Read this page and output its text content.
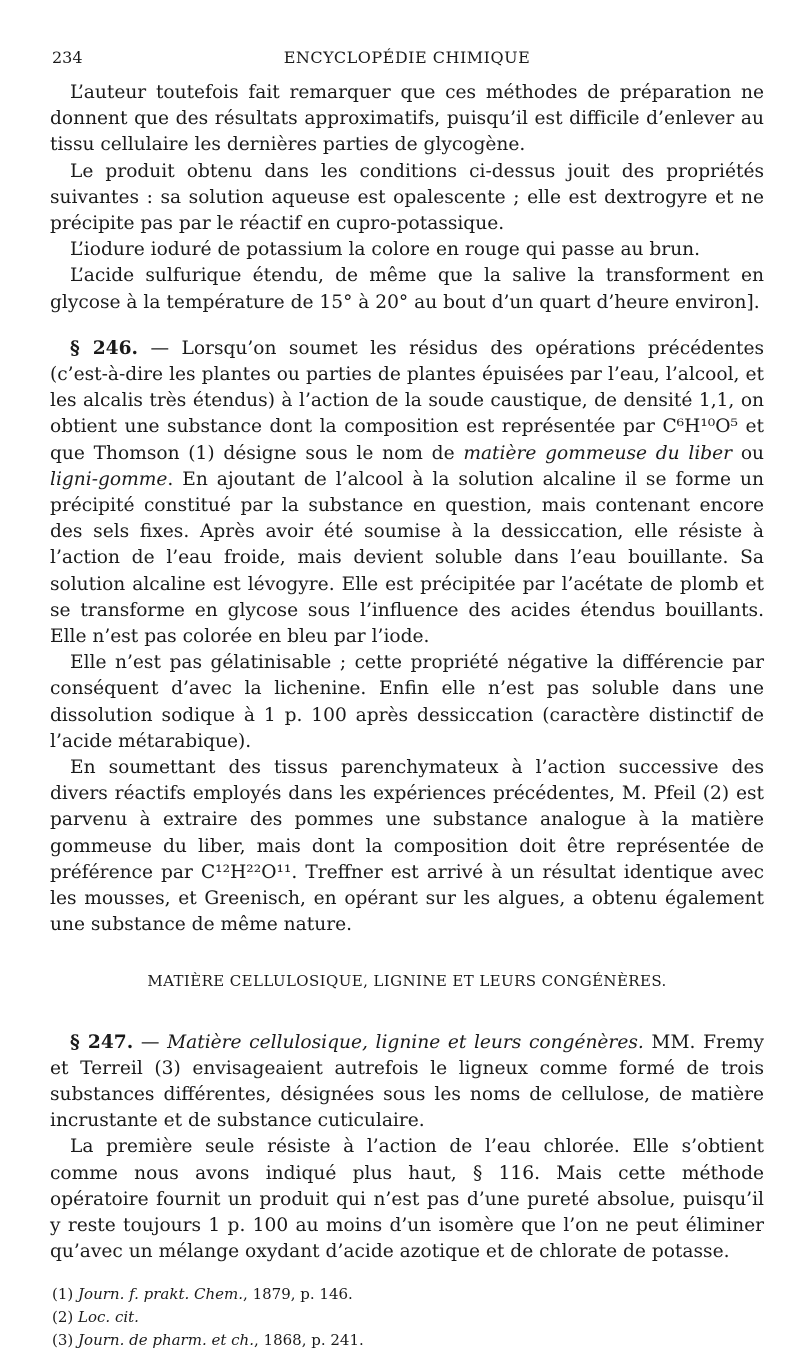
234	ENCYCLOPÉDIE CHIMIQUE

L’auteur toutefois fait remarquer que ces méthodes de préparation ne donnent que des résultats approximatifs, puisqu’il est difficile d’enlever au tissu cellulaire les dernières parties de glycogène.

Le produit obtenu dans les conditions ci-dessus jouit des propriétés suivantes : sa solution aqueuse est opalescente ; elle est dextrogyre et ne précipite pas par le réactif en cupro-potassique.

L’iodure ioduré de potassium la colore en rouge qui passe au brun.

L’acide sulfurique étendu, de même que la salive la transforment en glycose à la température de 15° à 20° au bout d’un quart d’heure environ].

§ 246. — Lorsqu’on soumet les résidus des opérations précédentes (c’est-à-dire les plantes ou parties de plantes épuisées par l’eau, l’alcool, et les alcalis très étendus) à l’action de la soude caustique, de densité 1,1, on obtient une substance dont la composition est représentée par C⁶H¹⁰O⁵ et que Thomson (1) désigne sous le nom de matière gommeuse du liber ou ligni-gomme. En ajoutant de l’alcool à la solution alcaline il se forme un précipité constitué par la substance en question, mais contenant encore des sels fixes. Après avoir été soumise à la dessiccation, elle résiste à l’action de l’eau froide, mais devient soluble dans l’eau bouillante. Sa solution alcaline est lévogyre. Elle est précipitée par l’acétate de plomb et se transforme en glycose sous l’influence des acides étendus bouillants. Elle n’est pas colorée en bleu par l’iode.

Elle n’est pas gélatinisable ; cette propriété négative la différencie par conséquent d’avec la lichenine. Enfin elle n’est pas soluble dans une dissolution sodique à 1 p. 100 après dessiccation (caractère distinctif de l’acide métarabique).

En soumettant des tissus parenchymateux à l’action successive des divers réactifs employés dans les expériences précédentes, M. Pfeil (2) est parvenu à extraire des pommes une substance analogue à la matière gommeuse du liber, mais dont la composition doit être représentée de préférence par C¹²H²²O¹¹. Treffner est arrivé à un résultat identique avec les mousses, et Greenisch, en opérant sur les algues, a obtenu également une substance de même nature.

MATIÈRE CELLULOSIQUE, LIGNINE ET LEURS CONGÉNÈRES.

§ 247. — Matière cellulosique, lignine et leurs congénères. MM. Fremy et Terreil (3) envisageaient autrefois le ligneux comme formé de trois substances différentes, désignées sous les noms de cellulose, de matière incrustante et de substance cuticulaire.

La première seule résiste à l’action de l’eau chlorée. Elle s’obtient comme nous avons indiqué plus haut, § 116. Mais cette méthode opératoire fournit un produit qui n’est pas d’une pureté absolue, puisqu’il y reste toujours 1 p. 100 au moins d’un isomère que l’on ne peut éliminer qu’avec un mélange oxydant d’acide azotique et de chlorate de potasse.

(1) Journ. f. prakt. Chem., 1879, p. 146.

(2) Loc. cit.

(3) Journ. de pharm. et ch., 1868, p. 241.
